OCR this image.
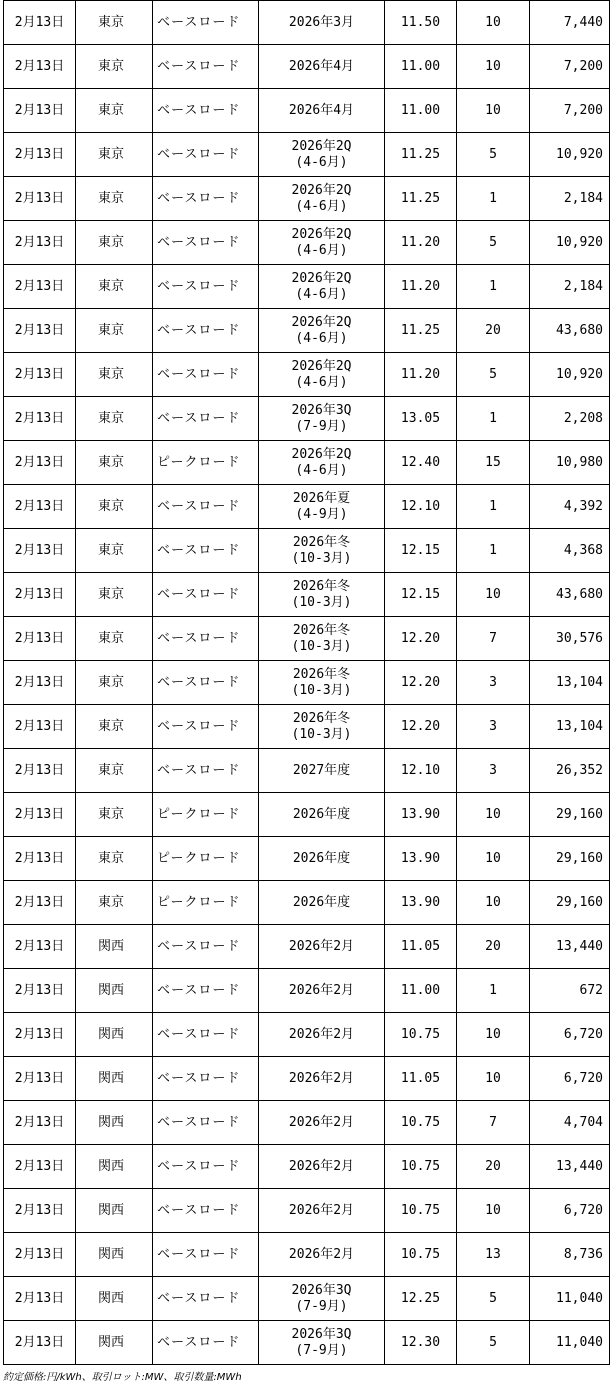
2月13日	東京	ベースロード	2026年3月	11.50	10	7,440
2月13日	東京	ベースロード	2026年4月	11.00	10	7,200
2月13日	東京	ベースロード	2026年4月	11.00	10	7,200
2月13日	東京	ベースロード	2026年2Q
(4-6月)	11.25	5	10,920
2月13日	東京	ベースロード	2026年2Q
(4-6月)	11.25	1	2,184
2月13日	東京	ベースロード	2026年2Q
(4-6月)	11.20	5	10,920
2月13日	東京	ベースロード	2026年2Q
(4-6月)	11.20	1	2,184
2月13日	東京	ベースロード	2026年2Q
(4-6月)	11.25	20	43,680
2月13日	東京	ベースロード	2026年2Q
(4-6月)	11.20	5	10,920
2月13日	東京	ベースロード	2026年3Q
(7-9月)	13.05	1	2,208
2月13日	東京	ピークロード	2026年2Q
(4-6月)	12.40	15	10,980
2月13日	東京	ベースロード	2026年夏
(4-9月)	12.10	1	4,392
2月13日	東京	ベースロード	2026年冬
(10-3月)	12.15	1	4,368
2月13日	東京	ベースロード	2026年冬
(10-3月)	12.15	10	43,680
2月13日	東京	ベースロード	2026年冬
(10-3月)	12.20	7	30,576
2月13日	東京	ベースロード	2026年冬
(10-3月)	12.20	3	13,104
2月13日	東京	ベースロード	2026年冬
(10-3月)	12.20	3	13,104
2月13日	東京	ベースロード	2027年度	12.10	3	26,352
2月13日	東京	ピークロード	2026年度	13.90	10	29,160
2月13日	東京	ピークロード	2026年度	13.90	10	29,160
2月13日	東京	ピークロード	2026年度	13.90	10	29,160
2月13日	関西	ベースロード	2026年2月	11.05	20	13,440
2月13日	関西	ベースロード	2026年2月	11.00	1	672
2月13日	関西	ベースロード	2026年2月	10.75	10	6,720
2月13日	関西	ベースロード	2026年2月	11.05	10	6,720
2月13日	関西	ベースロード	2026年2月	10.75	7	4,704
2月13日	関西	ベースロード	2026年2月	10.75	20	13,440
2月13日	関西	ベースロード	2026年2月	10.75	10	6,720
2月13日	関西	ベースロード	2026年2月	10.75	13	8,736
2月13日	関西	ベースロード	2026年3Q
(7-9月)	12.25	5	11,040
2月13日	関西	ベースロード	2026年3Q
(7-9月)	12.30	5	11,040
約定価格:円/kWh、取引ロット:MW、取引数量:MWh
